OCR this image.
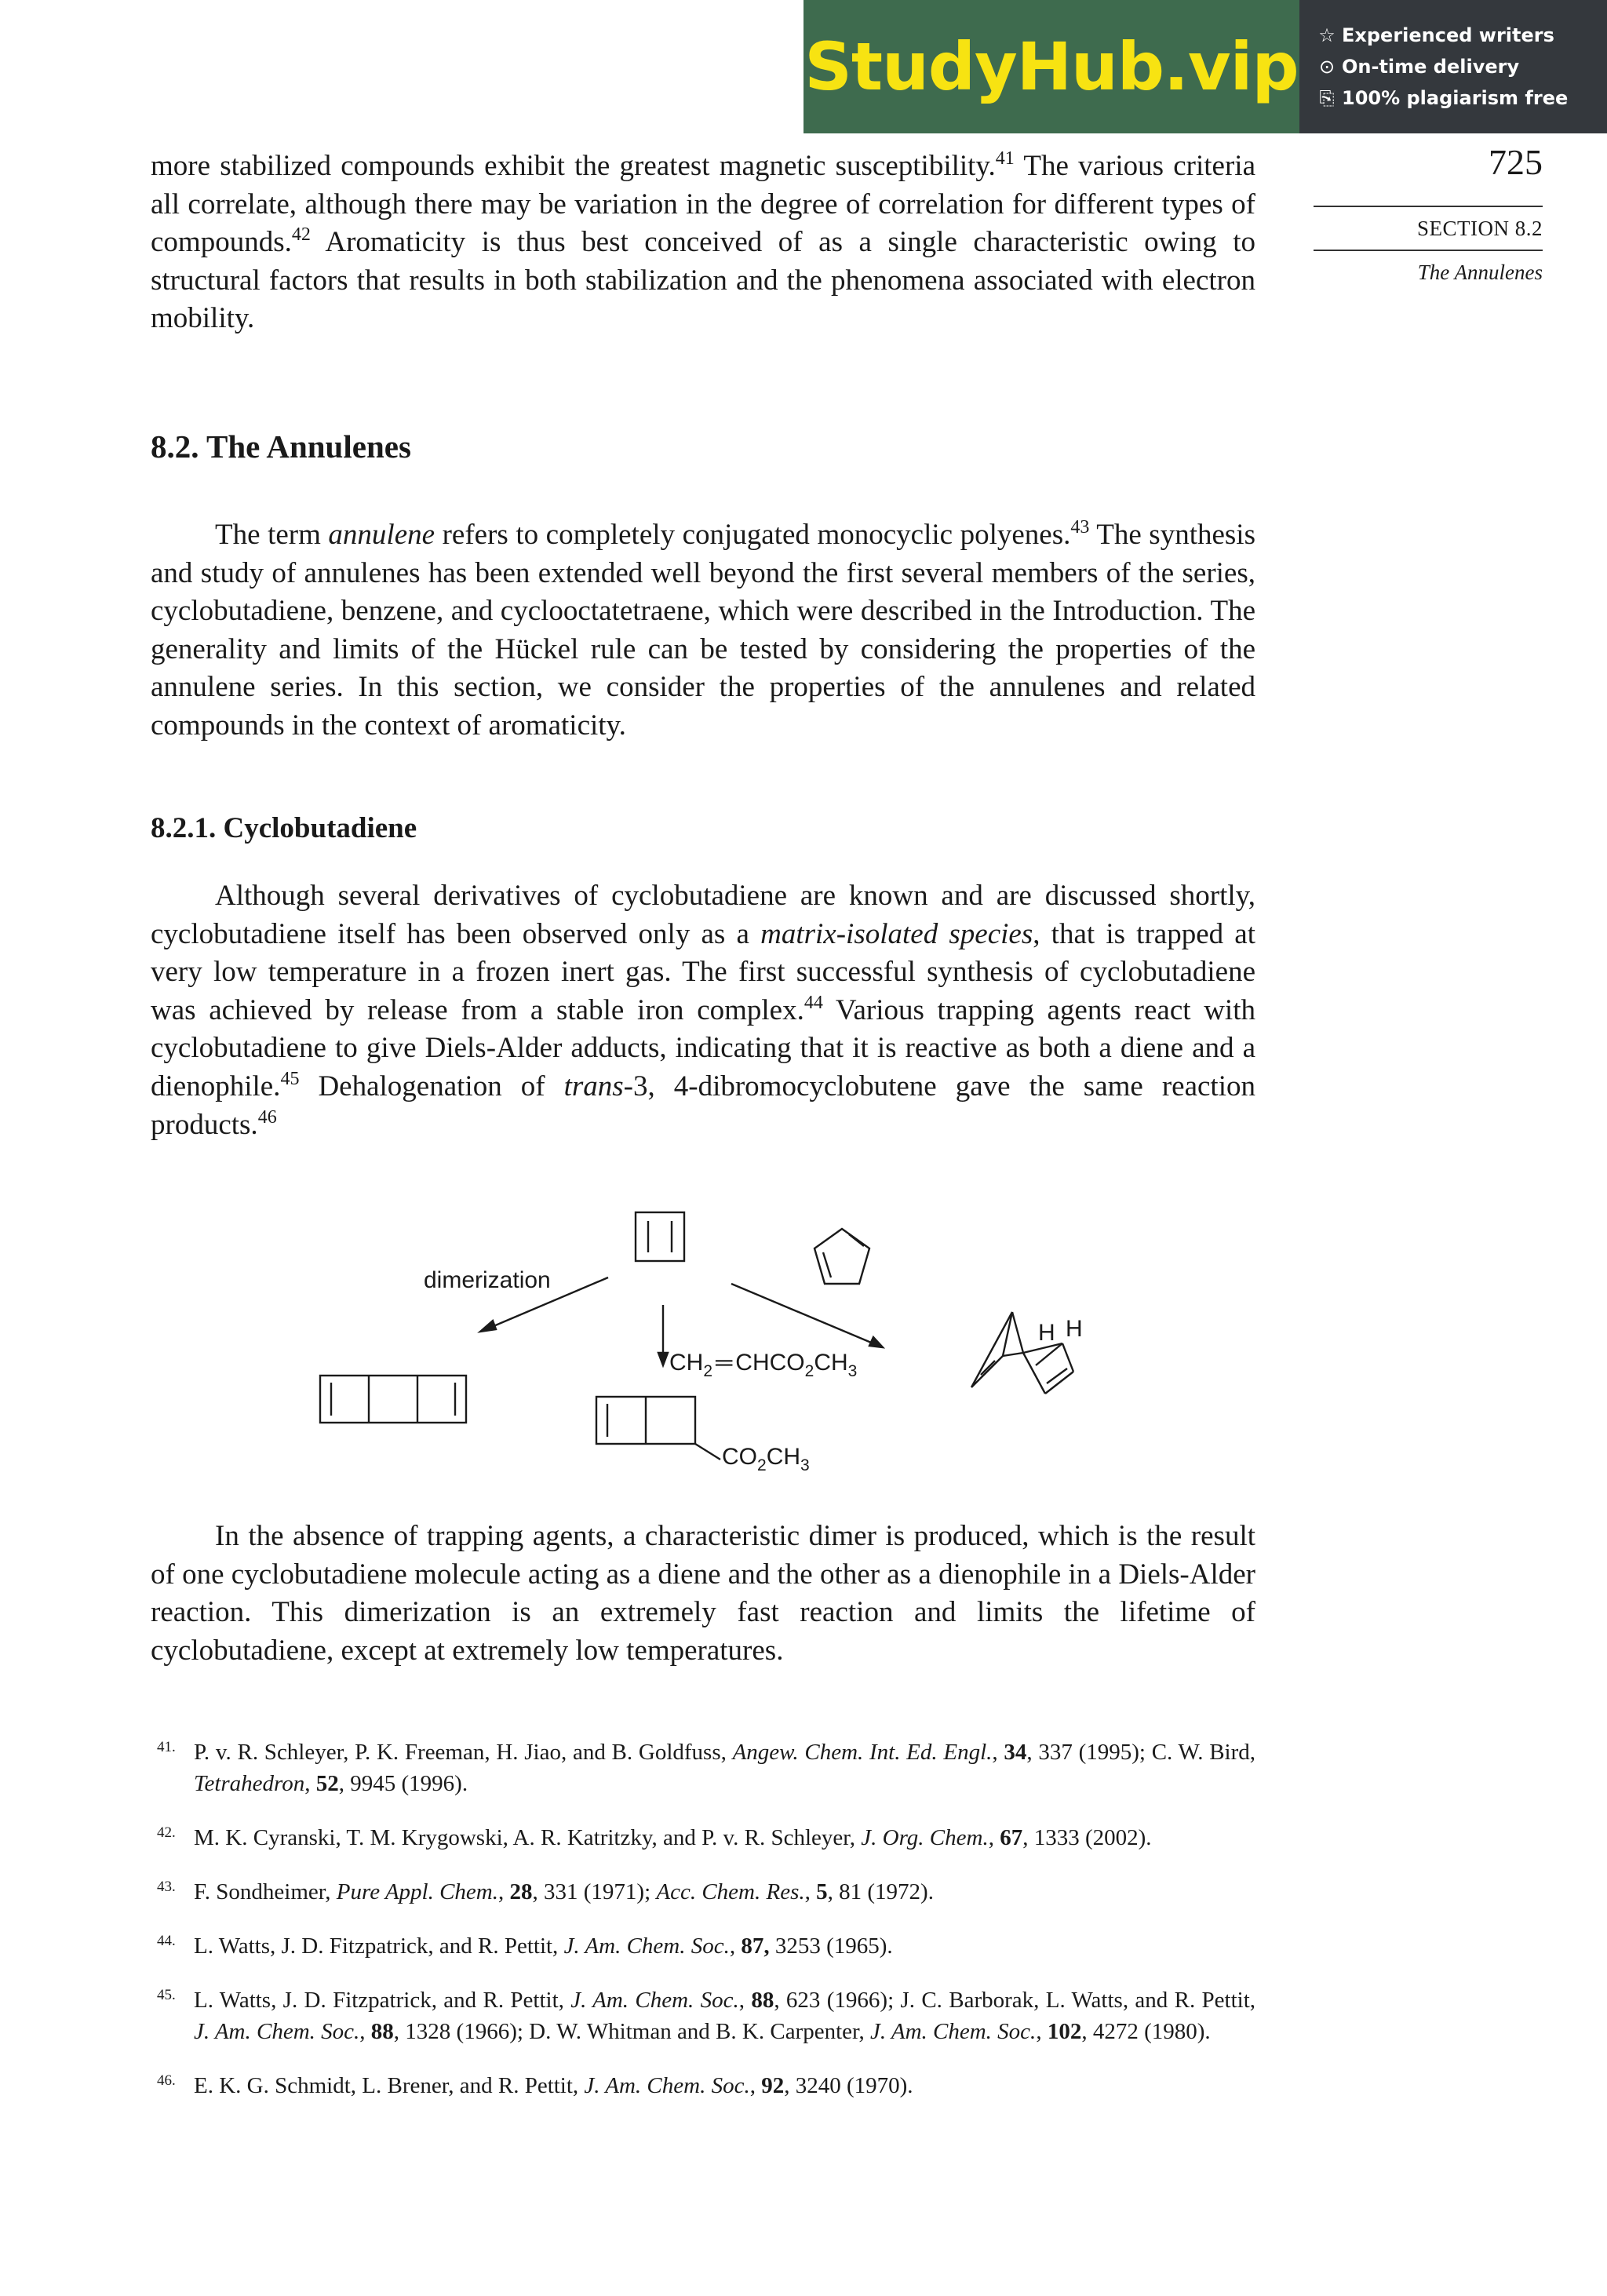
StudyHub.vip ☆ Experienced writers
⊙ On-time delivery
⎘ 100% plagiarism free
725
SECTION 8.2
The Annulenes

more stabilized compounds exhibit the greatest magnetic susceptibility.$^{41}$ The various criteria all correlate, although there may be variation in the degree of correlation for different types of compounds.$^{42}$ Aromaticity is thus best conceived of as a single characteristic owing to structural factors that results in both stabilization and the phenomena associated with electron mobility.

8.2. The Annulenes

The term annulene refers to completely conjugated monocyclic polyenes.$^{43}$ The synthesis and study of annulenes has been extended well beyond the first several members of the series, cyclobutadiene, benzene, and cyclooctatetraene, which were described in the Introduction. The generality and limits of the Hückel rule can be tested by considering the properties of the annulene series. In this section, we consider the properties of the annulenes and related compounds in the context of aromaticity.

8.2.1. Cyclobutadiene

Although several derivatives of cyclobutadiene are known and are discussed shortly, cyclobutadiene itself has been observed only as a matrix-isolated species, that is trapped at very low temperature in a frozen inert gas. The first successful synthesis of cyclobutadiene was achieved by release from a stable iron complex.$^{44}$ Various trapping agents react with cyclobutadiene to give Diels-Alder adducts, indicating that it is reactive as both a diene and a dienophile.$^{45}$ Dehalogenation of trans-3, 4-dibromocyclobutene gave the same reaction products.$^{46}$

dimerization
$CH_2$ ═ $CHCO_2CH_3$
$CO_2CH_3$
H H

In the absence of trapping agents, a characteristic dimer is produced, which is the result of one cyclobutadiene molecule acting as a diene and the other as a dienophile in a Diels-Alder reaction. This dimerization is an extremely fast reaction and limits the lifetime of cyclobutadiene, except at extremely low temperatures.

41. P. v. R. Schleyer, P. K. Freeman, H. Jiao, and B. Goldfuss, Angew. Chem. Int. Ed. Engl., 34, 337 (1995); C. W. Bird, Tetrahedron, 52, 9945 (1996).

42. M. K. Cyranski, T. M. Krygowski, A. R. Katritzky, and P. v. R. Schleyer, J. Org. Chem., 67, 1333 (2002).

43. F. Sondheimer, Pure Appl. Chem., 28, 331 (1971); Acc. Chem. Res., 5, 81 (1972).

44. L. Watts, J. D. Fitzpatrick, and R. Pettit, J. Am. Chem. Soc., 87, 3253 (1965).

45. L. Watts, J. D. Fitzpatrick, and R. Pettit, J. Am. Chem. Soc., 88, 623 (1966); J. C. Barborak, L. Watts, and R. Pettit, J. Am. Chem. Soc., 88, 1328 (1966); D. W. Whitman and B. K. Carpenter, J. Am. Chem. Soc., 102, 4272 (1980).

46. E. K. G. Schmidt, L. Brener, and R. Pettit, J. Am. Chem. Soc., 92, 3240 (1970).
